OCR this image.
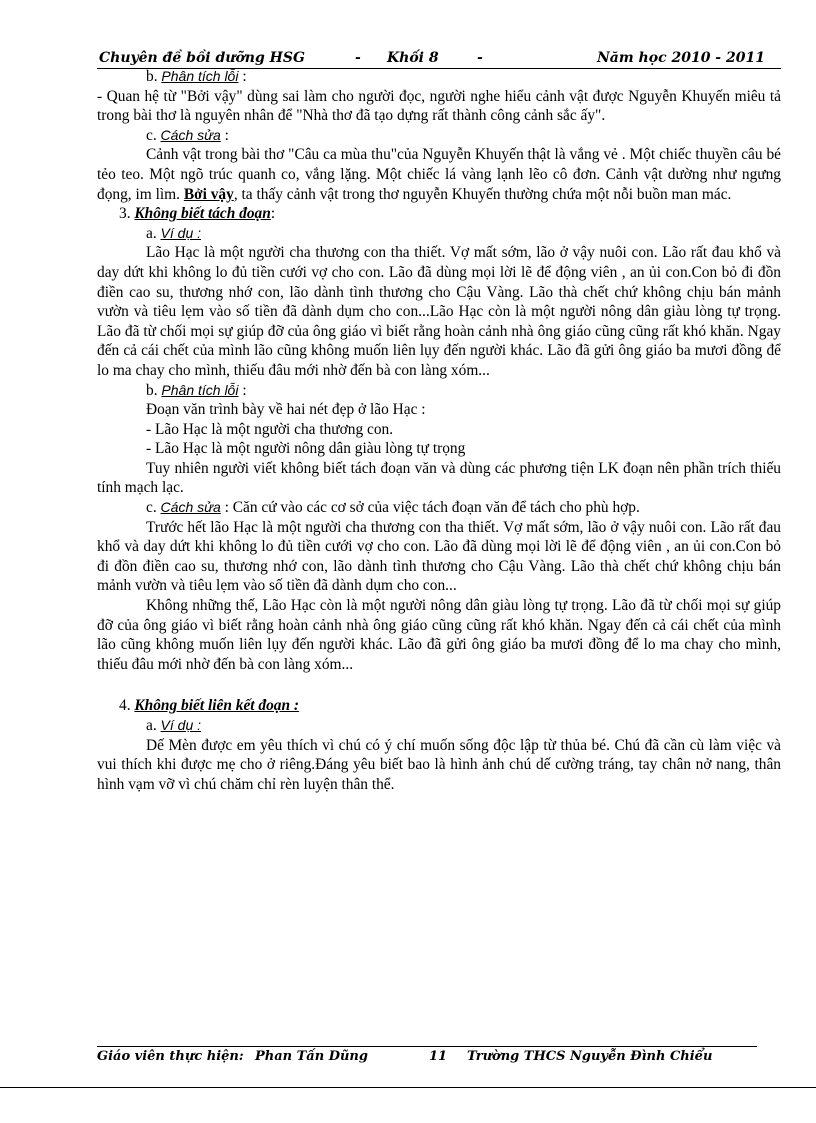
Chuyên đề bồi dưỡng HSG	- Khối 8	-	Năm học 2010 - 2011

b. Phân tích lỗi :

- Quan hệ từ "Bởi vậy" dùng sai làm cho người đọc, người nghe hiểu cảnh vật được Nguyễn Khuyến miêu tả trong bài thơ là nguyên nhân để "Nhà thơ đã tạo dựng rất thành công cảnh sắc ấy".

c. Cách sửa :

Cảnh vật trong bài thơ "Câu ca mùa thu"của Nguyễn Khuyến thật là vắng vẻ . Một chiếc thuyền câu bé tẻo teo. Một ngõ trúc quanh co, vắng lặng. Một chiếc lá vàng lạnh lẽo cô đơn. Cảnh vật dường như ngưng đọng, im lìm. Bởi vậy, ta thấy cảnh vật trong thơ nguyễn Khuyến thường chứa một nỗi buồn man mác.

3. Không biết tách đoạn:

a. Ví dụ :

Lão Hạc là một người cha thương con tha thiết. Vợ mất sớm, lão ở vậy nuôi con. Lão rất đau khổ và day dứt khi không lo đủ tiền cưới vợ cho con. Lão đã dùng mọi lời lẽ để động viên , an ủi con.Con bỏ đi đồn điền cao su, thương nhớ con, lão dành tình thương cho Cậu Vàng. Lão thà chết chứ không chịu bán mảnh vườn và tiêu lẹm vào số tiền đã dành dụm cho con...Lão Hạc còn là một người nông dân giàu lòng tự trọng. Lão đã từ chối mọi sự giúp đỡ của ông giáo vì biết rằng hoàn cảnh nhà ông giáo cũng cũng rất khó khăn. Ngay đến cả cái chết của mình lão cũng không muốn liên lụy đến người khác. Lão đã gửi ông giáo ba mươi đồng để lo ma chay cho mình, thiếu đâu mới nhờ đến bà con làng xóm...

b. Phân tích lỗi :

Đoạn văn trình bày về hai nét đẹp ở lão Hạc :

- Lão Hạc là một người cha thương con.

- Lão Hạc là một người nông dân giàu lòng tự trọng

Tuy nhiên người viết không biết tách đoạn văn và dùng các phương tiện LK đoạn nên phần trích thiếu tính mạch lạc.

c. Cách sửa : Căn cứ vào các cơ sở của việc tách đoạn văn để tách cho phù hợp.

Trước hết lão Hạc là một người cha thương con tha thiết. Vợ mất sớm, lão ở vậy nuôi con. Lão rất đau khổ và day dứt khi không lo đủ tiền cưới vợ cho con. Lão đã dùng mọi lời lẽ để động viên , an ủi con.Con bỏ đi đồn điền cao su, thương nhớ con, lão dành tình thương cho Cậu Vàng. Lão thà chết chứ không chịu bán mảnh vườn và tiêu lẹm vào số tiền đã dành dụm cho con...

Không những thế, Lão Hạc còn là một người nông dân giàu lòng tự trọng. Lão đã từ chối mọi sự giúp đỡ của ông giáo vì biết rằng hoàn cảnh nhà ông giáo cũng cũng rất khó khăn. Ngay đến cả cái chết của mình lão cũng không muốn liên lụy đến người khác. Lão đã gửi ông giáo ba mươi đồng để lo ma chay cho mình, thiếu đâu mới nhờ đến bà con làng xóm...

4. Không biết liên kết đoạn :

a. Ví dụ :

Dế Mèn được em yêu thích vì chú có ý chí muốn sống độc lập từ thủa bé. Chú đã cần cù làm việc và vui thích khi được mẹ cho ở riêng.Đáng yêu biết bao là hình ảnh chú dế cường tráng, tay chân nở nang, thân hình vạm vỡ vì chú chăm chỉ rèn luyện thân thể.

Giáo viên thực hiện: Phan Tấn Dũng	11 Trường THCS Nguyễn Đình Chiểu
